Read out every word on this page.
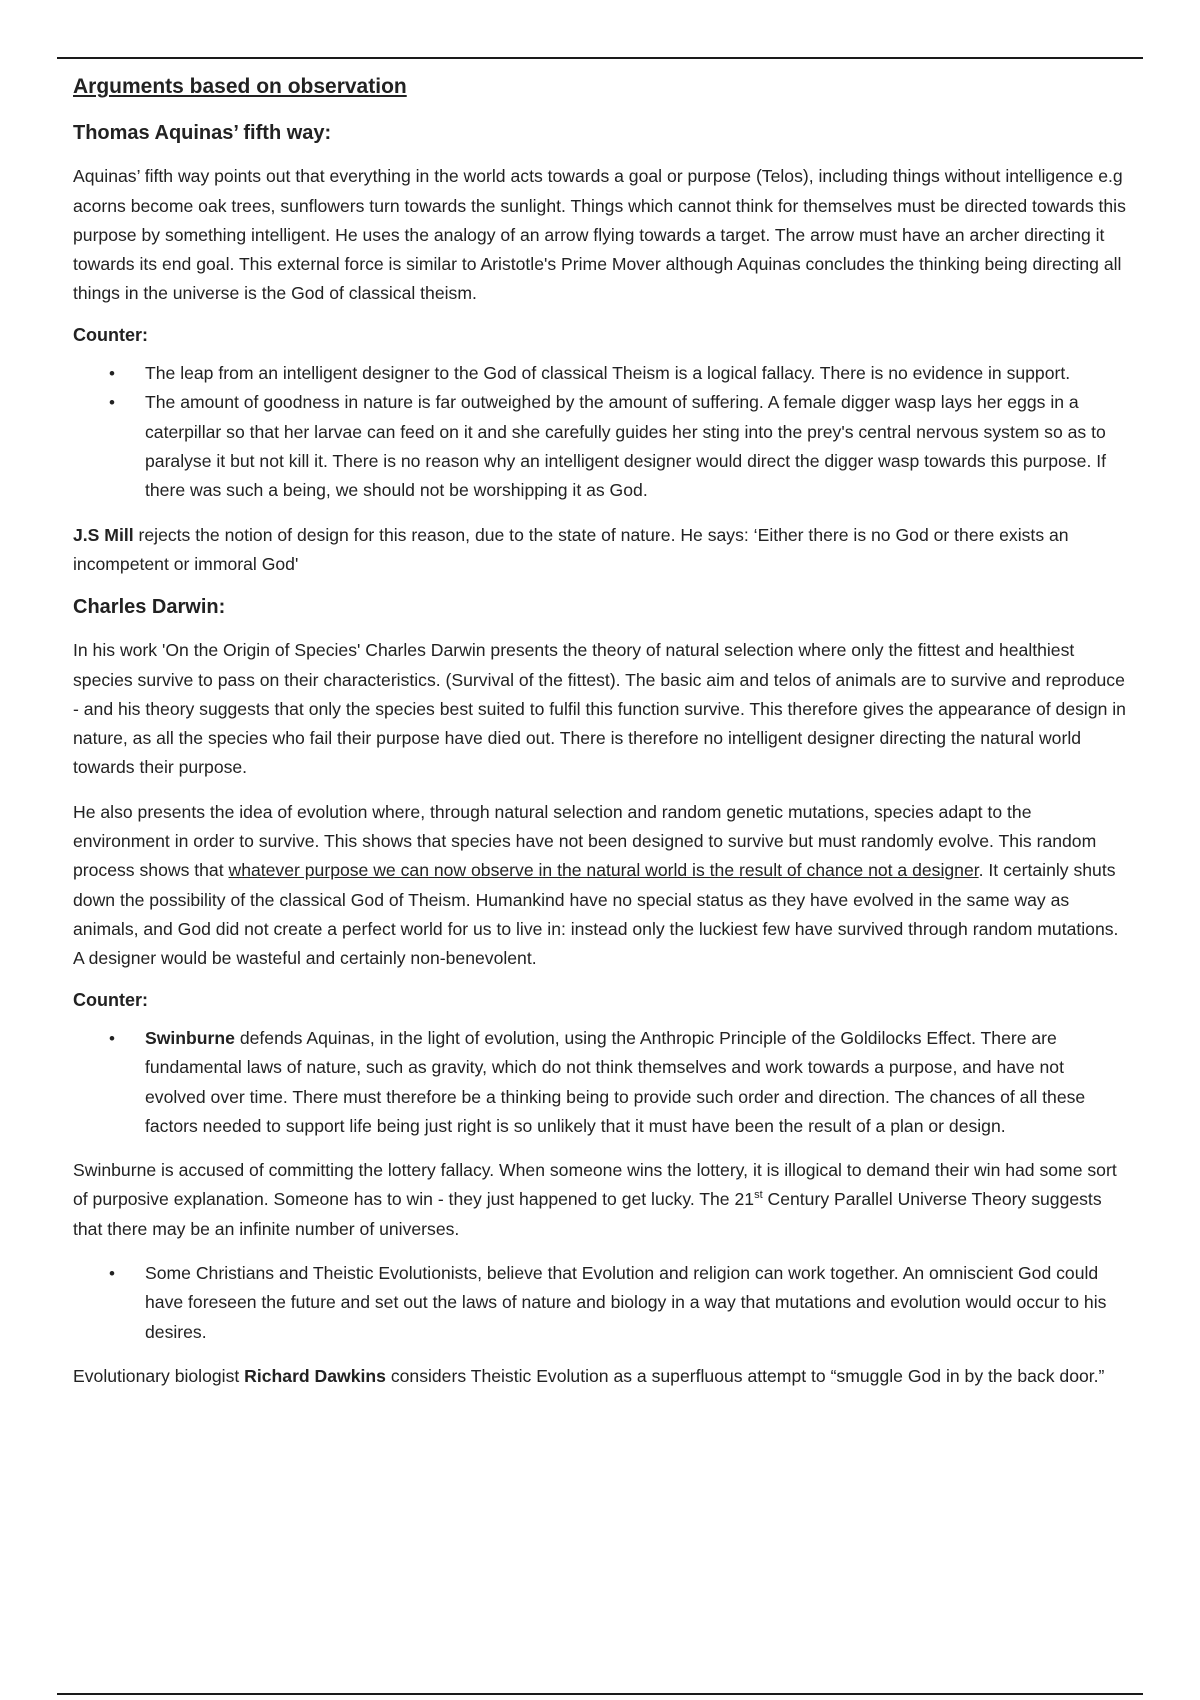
Arguments based on observation
Thomas Aquinas’ fifth way:

Aquinas’ fifth way points out that everything in the world acts towards a goal or purpose (Telos), including things without intelligence e.g acorns become oak trees, sunflowers turn towards the sunlight. Things which cannot think for themselves must be directed towards this purpose by something intelligent. He uses the analogy of an arrow flying towards a target. The arrow must have an archer directing it towards its end goal. This external force is similar to Aristotle's Prime Mover although Aquinas concludes the thinking being directing all things in the universe is the God of classical theism.

Counter:
• The leap from an intelligent designer to the God of classical Theism is a logical fallacy. There is no evidence in support.
• The amount of goodness in nature is far outweighed by the amount of suffering. A female digger wasp lays her eggs in a caterpillar so that her larvae can feed on it and she carefully guides her sting into the prey's central nervous system so as to paralyse it but not kill it. There is no reason why an intelligent designer would direct the digger wasp towards this purpose. If there was such a being, we should not be worshipping it as God.

J.S Mill rejects the notion of design for this reason, due to the state of nature. He says: ‘Either there is no God or there exists an incompetent or immoral God'

Charles Darwin:

In his work 'On the Origin of Species' Charles Darwin presents the theory of natural selection where only the fittest and healthiest species survive to pass on their characteristics. (Survival of the fittest). The basic aim and telos of animals are to survive and reproduce - and his theory suggests that only the species best suited to fulfil this function survive. This therefore gives the appearance of design in nature, as all the species who fail their purpose have died out. There is therefore no intelligent designer directing the natural world towards their purpose.

He also presents the idea of evolution where, through natural selection and random genetic mutations, species adapt to the environment in order to survive. This shows that species have not been designed to survive but must randomly evolve. This random process shows that whatever purpose we can now observe in the natural world is the result of chance not a designer. It certainly shuts down the possibility of the classical God of Theism. Humankind have no special status as they have evolved in the same way as animals, and God did not create a perfect world for us to live in: instead only the luckiest few have survived through random mutations. A designer would be wasteful and certainly non-benevolent.

Counter:
• Swinburne defends Aquinas, in the light of evolution, using the Anthropic Principle of the Goldilocks Effect. There are fundamental laws of nature, such as gravity, which do not think themselves and work towards a purpose, and have not evolved over time. There must therefore be a thinking being to provide such order and direction. The chances of all these factors needed to support life being just right is so unlikely that it must have been the result of a plan or design.

Swinburne is accused of committing the lottery fallacy. When someone wins the lottery, it is illogical to demand their win had some sort of purposive explanation. Someone has to win - they just happened to get lucky. The 21st Century Parallel Universe Theory suggests that there may be an infinite number of universes.

• Some Christians and Theistic Evolutionists, believe that Evolution and religion can work together. An omniscient God could have foreseen the future and set out the laws of nature and biology in a way that mutations and evolution would occur to his desires.

Evolutionary biologist Richard Dawkins considers Theistic Evolution as a superfluous attempt to “smuggle God in by the back door.”
